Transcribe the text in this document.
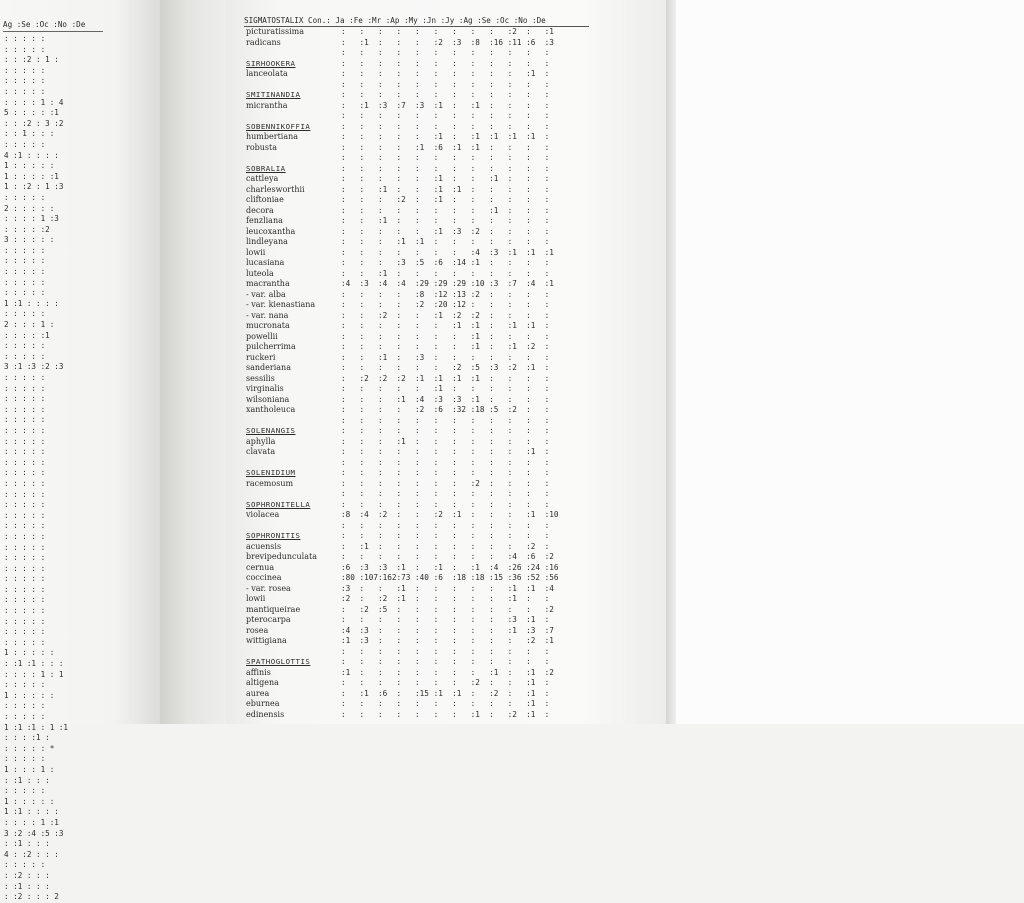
Ag :Se :Oc :No :De
: : : : :
: : : : :
: : :2 : 1 :
: : : : :
: : : : :
: : : : :
: : : : 1 : 4
5 : : : : :1
: : :2 : 3 :2
: : 1 : : :
: : : : :
4 :1 : : : :
1 : : : : :
1 : : : : :1
1 : :2 : 1 :3
: : : : :
2 : : : : :
: : : : 1 :3
: : : : :2
3 : : : : :
: : : : :
: : : : :
: : : : :
: : : : :
: : : : :
1 :1 : : : :
: : : : :
2 : : : 1 :
: : : : :1
: : : : :
: : : : :
3 :1 :3 :2 :3
: : : : :
: : : : :
: : : : :
: : : : :
: : : : :
: : : : :
: : : : :
: : : : :
: : : : :
: : : : :
: : : : :
: : : : :
: : : : :
: : : : :
: : : : :
: : : : :
: : : : :
: : : : :
: : : : :
: : : : :
: : : : :
: : : : :
: : : : :
: : : : :
: : : : :
: : : : :
1 : : : : :
: :1 :1 : : :
: : : : 1 : 1
: : : : :
1 : : : : :
: : : : :
: : : : :
1 :1 :1 : 1 :1
: : : :1 :
: : : : : *
: : : : :
1 : : : 1 :
: :1 : : :
: : : : :
1 : : : : :
1 :1 : : : :
: : : : 1 :1
3 :2 :4 :5 :3
: :1 : : :
4 : :2 : : :
: : : : :
: :2 : : :
: :1 : : :
: :2 : : : 2
SIGMATOSTALIX Con.: Ja :Fe :Mr :Ap :My :Jn :Jy :Ag :Se :Oc :No :De
picturatissima	:   :   :   :   :   :   :   :   :   :2  :   :1
radicans	:   :1  :   :   :   :2  :3  :8  :16 :11 :6  :3
:   :   :   :   :   :   :   :   :   :   :   :
SIRHOOKERA	:   :   :   :   :   :   :   :   :   :   :   :
lanceolata	:   :   :   :   :   :   :   :   :   :   :1  :
:   :   :   :   :   :   :   :   :   :   :   :
SMITINANDIA	:   :   :   :   :   :   :   :   :   :   :   :
micrantha	:   :1  :3  :7  :3  :1  :   :1  :   :   :   :
:   :   :   :   :   :   :   :   :   :   :   :
SOBENNIKOFFIA	:   :   :   :   :   :   :   :   :   :   :   :
humbertiana	:   :   :   :   :   :1  :   :1  :1  :1  :1  :
robusta	:   :   :   :   :1  :6  :1  :1  :   :   :   :
:   :   :   :   :   :   :   :   :   :   :   :
SOBRALIA	:   :   :   :   :   :   :   :   :   :   :   :
cattleya	:   :   :   :   :   :1  :   :   :1  :   :   :
charlesworthii	:   :   :1  :   :   :1  :1  :   :   :   :   :
cliftoniae	:   :   :   :2  :   :1  :   :   :   :   :   :
decora	:   :   :   :   :   :   :   :   :1  :   :   :
fenzliana	:   :   :1  :   :   :   :   :   :   :   :   :
leucoxantha	:   :   :   :   :   :1  :3  :2  :   :   :   :
lindleyana	:   :   :   :1  :1  :   :   :   :   :   :   :
lowii	:   :   :   :   :   :   :   :4  :3  :1  :1  :1
lucasiana	:   :   :   :3  :5  :6  :14 :1  :   :   :   :
luteola	:   :   :1  :   :   :   :   :   :   :   :   :
macrantha	:4  :3  :4  :4  :29 :29 :29 :10 :3  :7  :4  :1
- var. alba	:   :   :   :   :8  :12 :13 :2  :   :   :   :
- var. kienastiana	:   :   :   :   :2  :20 :12 :   :   :   :   :
- var. nana	:   :   :2  :   :   :1  :2  :2  :   :   :   :
mucronata	:   :   :   :   :   :   :1  :1  :   :1  :1  :
powellii	:   :   :   :   :   :   :   :1  :   :   :   :
pulcherrima	:   :   :   :   :   :   :   :1  :   :1  :2  :
ruckeri	:   :   :1  :   :3  :   :   :   :   :   :   :
sanderiana	:   :   :   :   :   :   :2  :5  :3  :2  :1  :
sessilis	:   :2  :2  :2  :1  :1  :1  :1  :   :   :   :
virginalis	:   :   :   :   :   :1  :   :   :   :   :   :
wilsoniana	:   :   :   :1  :4  :3  :3  :1  :   :   :   :
xantholeuca	:   :   :   :   :2  :6  :32 :18 :5  :2  :   :
:   :   :   :   :   :   :   :   :   :   :   :
SOLENANGIS	:   :   :   :   :   :   :   :   :   :   :   :
aphylla	:   :   :   :1  :   :   :   :   :   :   :   :
clavata	:   :   :   :   :   :   :   :   :   :   :1  :
:   :   :   :   :   :   :   :   :   :   :   :
SOLENIDIUM	:   :   :   :   :   :   :   :   :   :   :   :
racemosum	:   :   :   :   :   :   :   :2  :   :   :   :
:   :   :   :   :   :   :   :   :   :   :   :
SOPHRONITELLA	:   :   :   :   :   :   :   :   :   :   :   :
violacea	:8  :4  :2  :   :   :2  :1  :   :   :   :1  :10
:   :   :   :   :   :   :   :   :   :   :   :
SOPHRONITIS	:   :   :   :   :   :   :   :   :   :   :   :
acuensis	:   :1  :   :   :   :   :   :   :   :   :2  :
brevipedunculata	:   :   :   :   :   :   :   :   :   :4  :6  :2
cernua	:6  :3  :3  :1  :   :1  :   :1  :4  :26 :24 :16
coccinea	:80 :107:162:73 :40 :6  :18 :18 :15 :36 :52 :56
- var. rosea	:3  :   :   :1  :   :   :   :   :   :1  :1  :4
lowii	:2  :   :2  :1  :   :   :   :   :   :1  :   :
mantiqueirae	:   :2  :5  :   :   :   :   :   :   :   :   :2
pterocarpa	:   :   :   :   :   :   :   :   :   :3  :1  :
rosea	:4  :3  :   :   :   :   :   :   :   :1  :3  :7
wittigiana	:1  :3  :   :   :   :   :   :   :   :   :2  :1
:   :   :   :   :   :   :   :   :   :   :   :
SPATHOGLOTTIS	:   :   :   :   :   :   :   :   :   :   :   :
affinis	:1  :   :   :   :   :   :   :   :1  :   :1  :2
altigena	:   :   :   :   :   :   :   :2  :   :   :1  :
aurea	:   :1  :6  :   :15 :1  :1  :   :2  :   :1  :
eburnea	:   :   :   :   :   :   :   :   :   :   :1  :
edinensis	:   :   :   :   :   :   :   :1  :   :2  :1  :
